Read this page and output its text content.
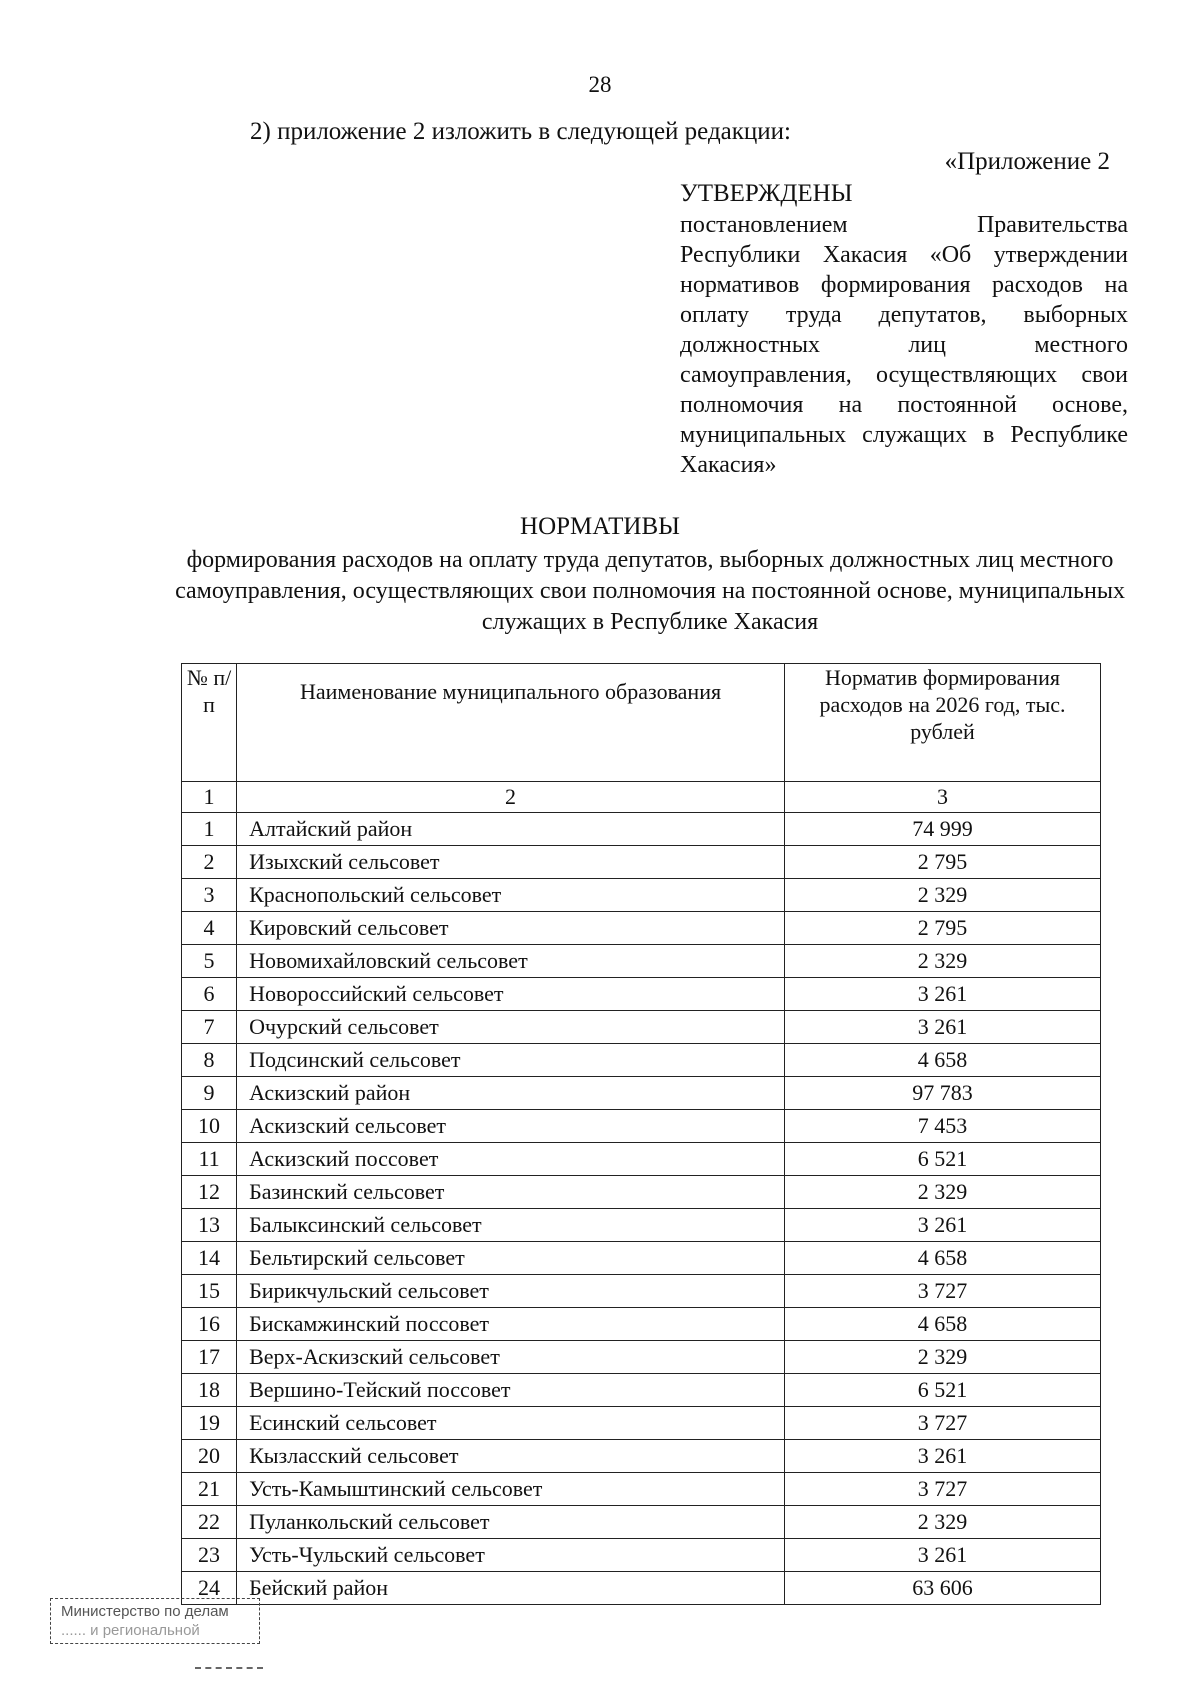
28
2) приложение 2 изложить в следующей редакции:
«Приложение 2
УТВЕРЖДЕНЫ
постановлением Правительства Республики Хакасия «Об утверждении нормативов формирования расходов на оплату труда депутатов, выборных должностных лиц местного самоуправления, осуществляющих свои полномочия на постоянной основе, муниципальных служащих в Республике Хакасия»
НОРМАТИВЫ
формирования расходов на оплату труда депутатов, выборных должностных лиц местного самоуправления, осуществляющих свои полномочия на постоянной основе, муниципальных служащих в Республике Хакасия
№ п/п	Наименование муниципального образования	Норматив формирования расходов на 2026 год, тыс. рублей
1	2	3
1	Алтайский район	74 999
2	Изыхский сельсовет	2 795
3	Краснопольский сельсовет	2 329
4	Кировский сельсовет	2 795
5	Новомихайловский сельсовет	2 329
6	Новороссийский сельсовет	3 261
7	Очурский сельсовет	3 261
8	Подсинский сельсовет	4 658
9	Аскизский район	97 783
10	Аскизский сельсовет	7 453
11	Аскизский поссовет	6 521
12	Базинский сельсовет	2 329
13	Балыксинский сельсовет	3 261
14	Бельтирский сельсовет	4 658
15	Бирикчульский сельсовет	3 727
16	Бискамжинский поссовет	4 658
17	Верх-Аскизский сельсовет	2 329
18	Вершино-Тейский поссовет	6 521
19	Есинский сельсовет	3 727
20	Кызласский сельсовет	3 261
21	Усть-Камыштинский сельсовет	3 727
22	Пуланкольский сельсовет	2 329
23	Усть-Чульский сельсовет	3 261
24	Бейский район	63 606
Министерство по делам
...... и региональной
